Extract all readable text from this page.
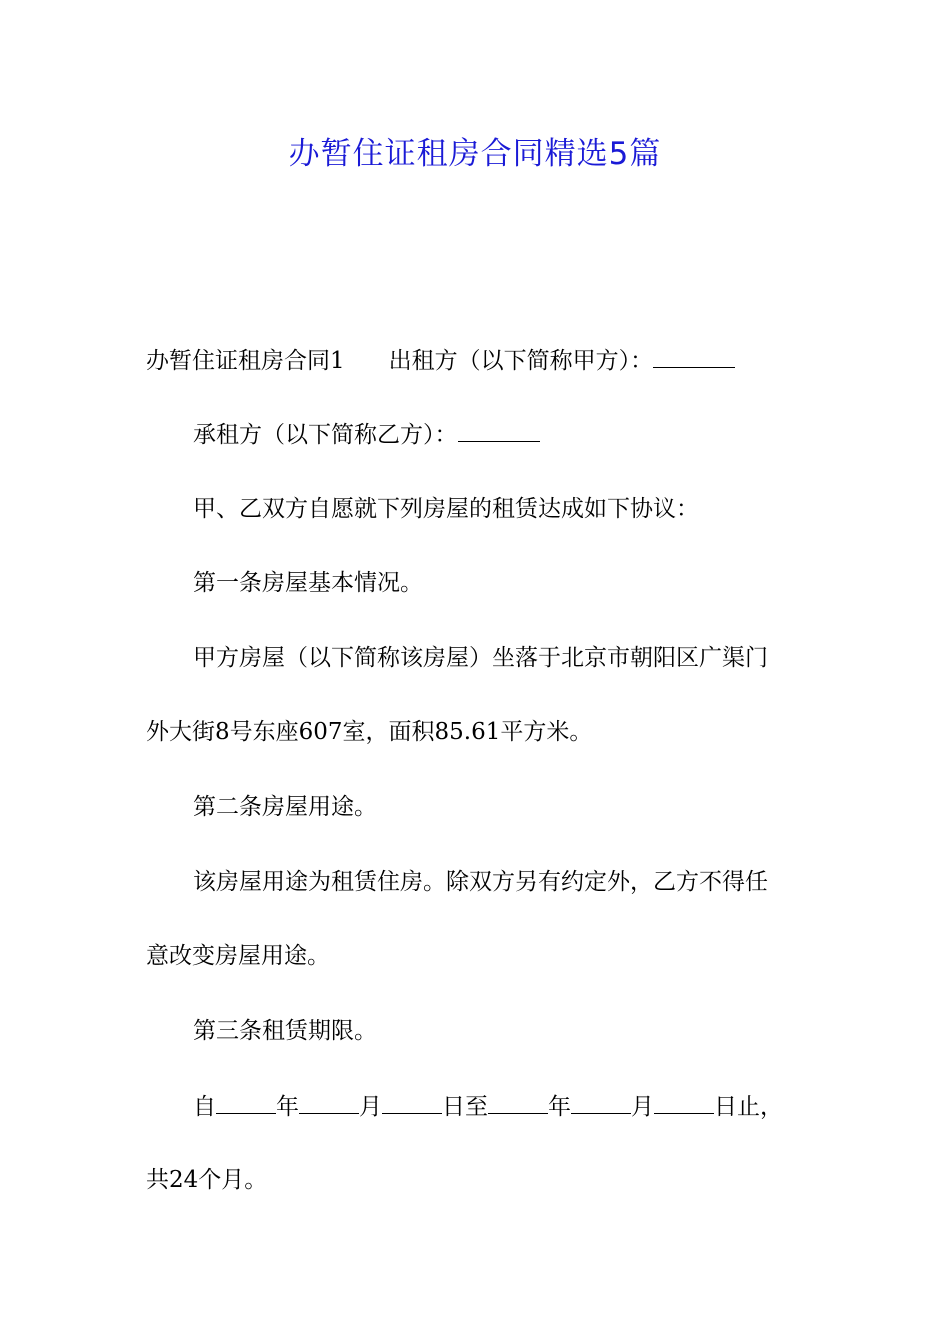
办暂住证租房合同精选5篇

办暂住证租房合同1 出租方（以下简称甲方）：

承租方（以下简称乙方）：

甲、乙双方自愿就下列房屋的租赁达成如下协议：

第一条房屋基本情况。

甲方房屋（以下简称该房屋）坐落于北京市朝阳区广渠门

外大街8号东座607室，面积85.61平方米。

第二条房屋用途。

该房屋用途为租赁住房。除双方另有约定外，乙方不得任

意改变房屋用途。

第三条租赁期限。

自	年	月	日至	年	月	日止，

共24个月。
